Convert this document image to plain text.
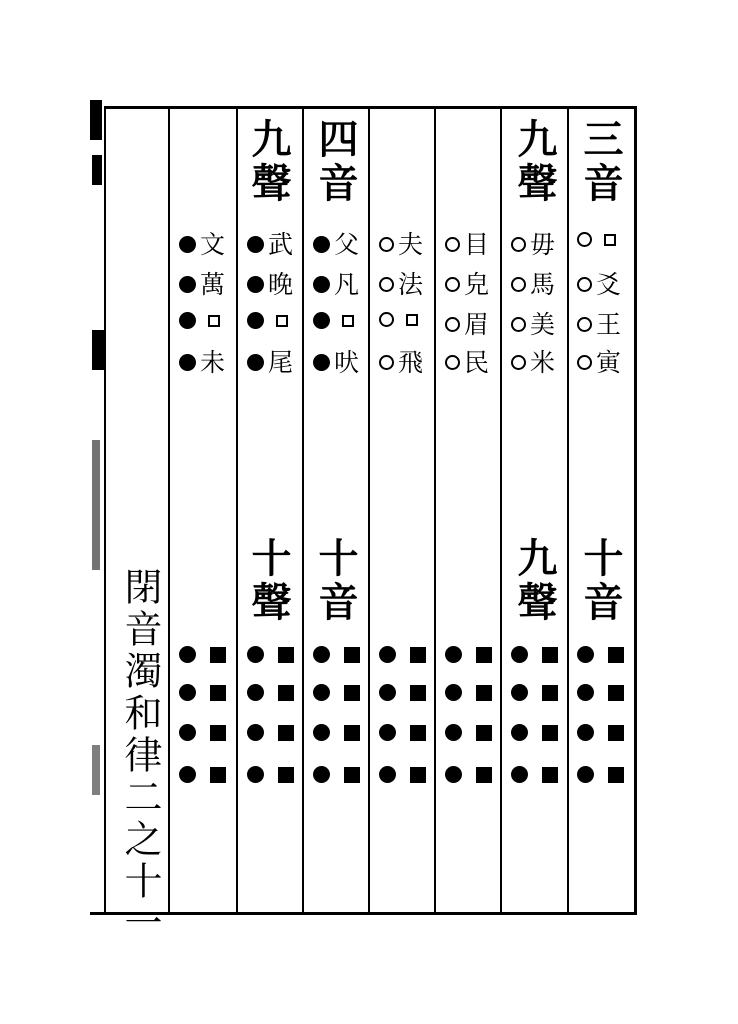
閉音濁和律二之十一
三音
九聲
四音
九聲
爻
王
寅
毋
馬
美
米
目
皃
眉
民
夫
法
飛
父
凡
吠
武
晚
尾
文
萬
未
十音
九聲
十音
十聲
